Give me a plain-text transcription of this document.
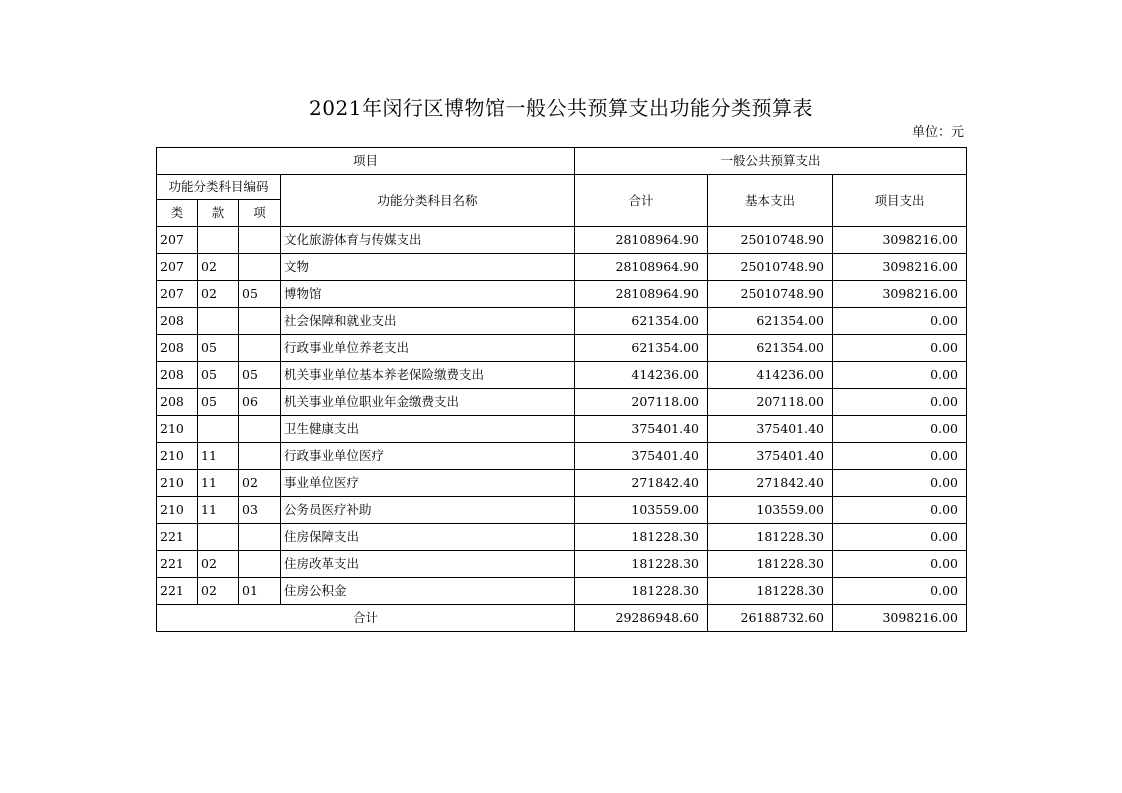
2021年闵行区博物馆一般公共预算支出功能分类预算表
单位：元
项目				一般公共预算支出		
功能分类科目编码			功能分类科目名称	合计	基本支出	项目支出
类	款	项				
207			文化旅游体育与传媒支出	28108964.90	25010748.90	3098216.00
207	02		文物	28108964.90	25010748.90	3098216.00
207	02	05	博物馆	28108964.90	25010748.90	3098216.00
208			社会保障和就业支出	621354.00	621354.00	0.00
208	05		行政事业单位养老支出	621354.00	621354.00	0.00
208	05	05	机关事业单位基本养老保险缴费支出	414236.00	414236.00	0.00
208	05	06	机关事业单位职业年金缴费支出	207118.00	207118.00	0.00
210			卫生健康支出	375401.40	375401.40	0.00
210	11		行政事业单位医疗	375401.40	375401.40	0.00
210	11	02	事业单位医疗	271842.40	271842.40	0.00
210	11	03	公务员医疗补助	103559.00	103559.00	0.00
221			住房保障支出	181228.30	181228.30	0.00
221	02		住房改革支出	181228.30	181228.30	0.00
221	02	01	住房公积金	181228.30	181228.30	0.00
合计				29286948.60	26188732.60	3098216.00
